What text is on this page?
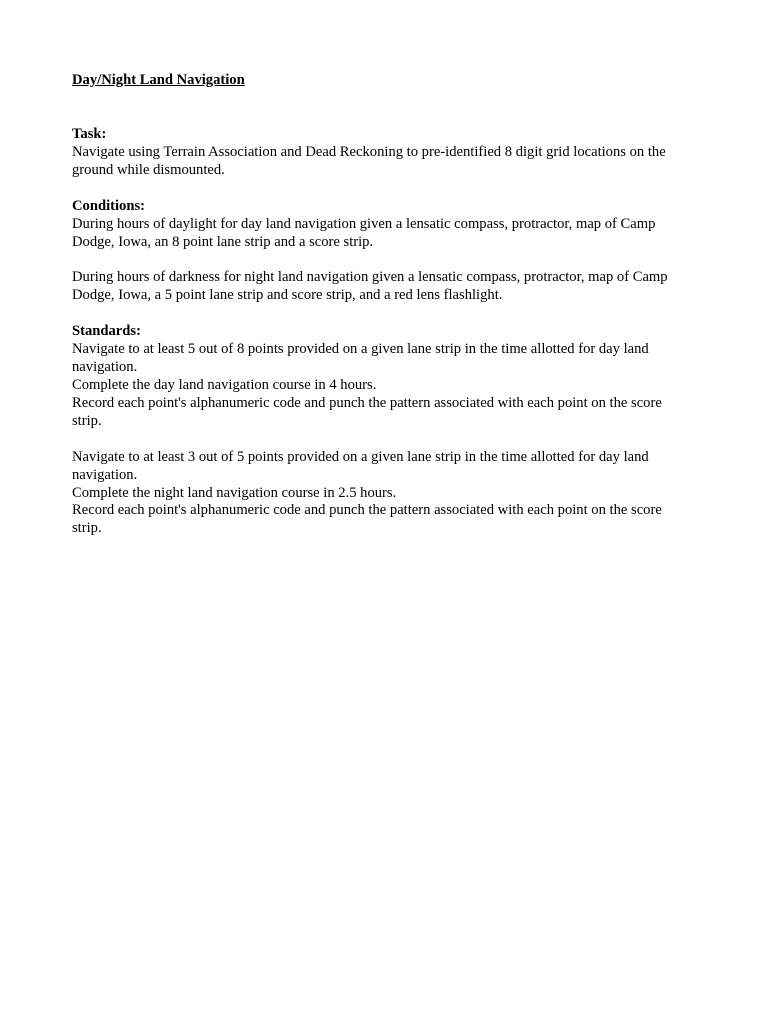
Day/Night Land Navigation

Task:

Navigate using Terrain Association and Dead Reckoning to pre-identified 8 digit grid locations on the ground while dismounted.

Conditions:

During hours of daylight for day land navigation given a lensatic compass, protractor, map of Camp Dodge, Iowa, an 8 point lane strip and a score strip.

During hours of darkness for night land navigation given a lensatic compass, protractor, map of Camp Dodge, Iowa, a 5 point lane strip and score strip, and a red lens flashlight.

Standards:

Navigate to at least 5 out of 8 points provided on a given lane strip in the time allotted for day land navigation.

Complete the day land navigation course in 4 hours.

Record each point's alphanumeric code and punch the pattern associated with each point on the score strip.

Navigate to at least 3 out of 5 points provided on a given lane strip in the time allotted for day land navigation.

Complete the night land navigation course in 2.5 hours.

Record each point's alphanumeric code and punch the pattern associated with each point on the score strip.
